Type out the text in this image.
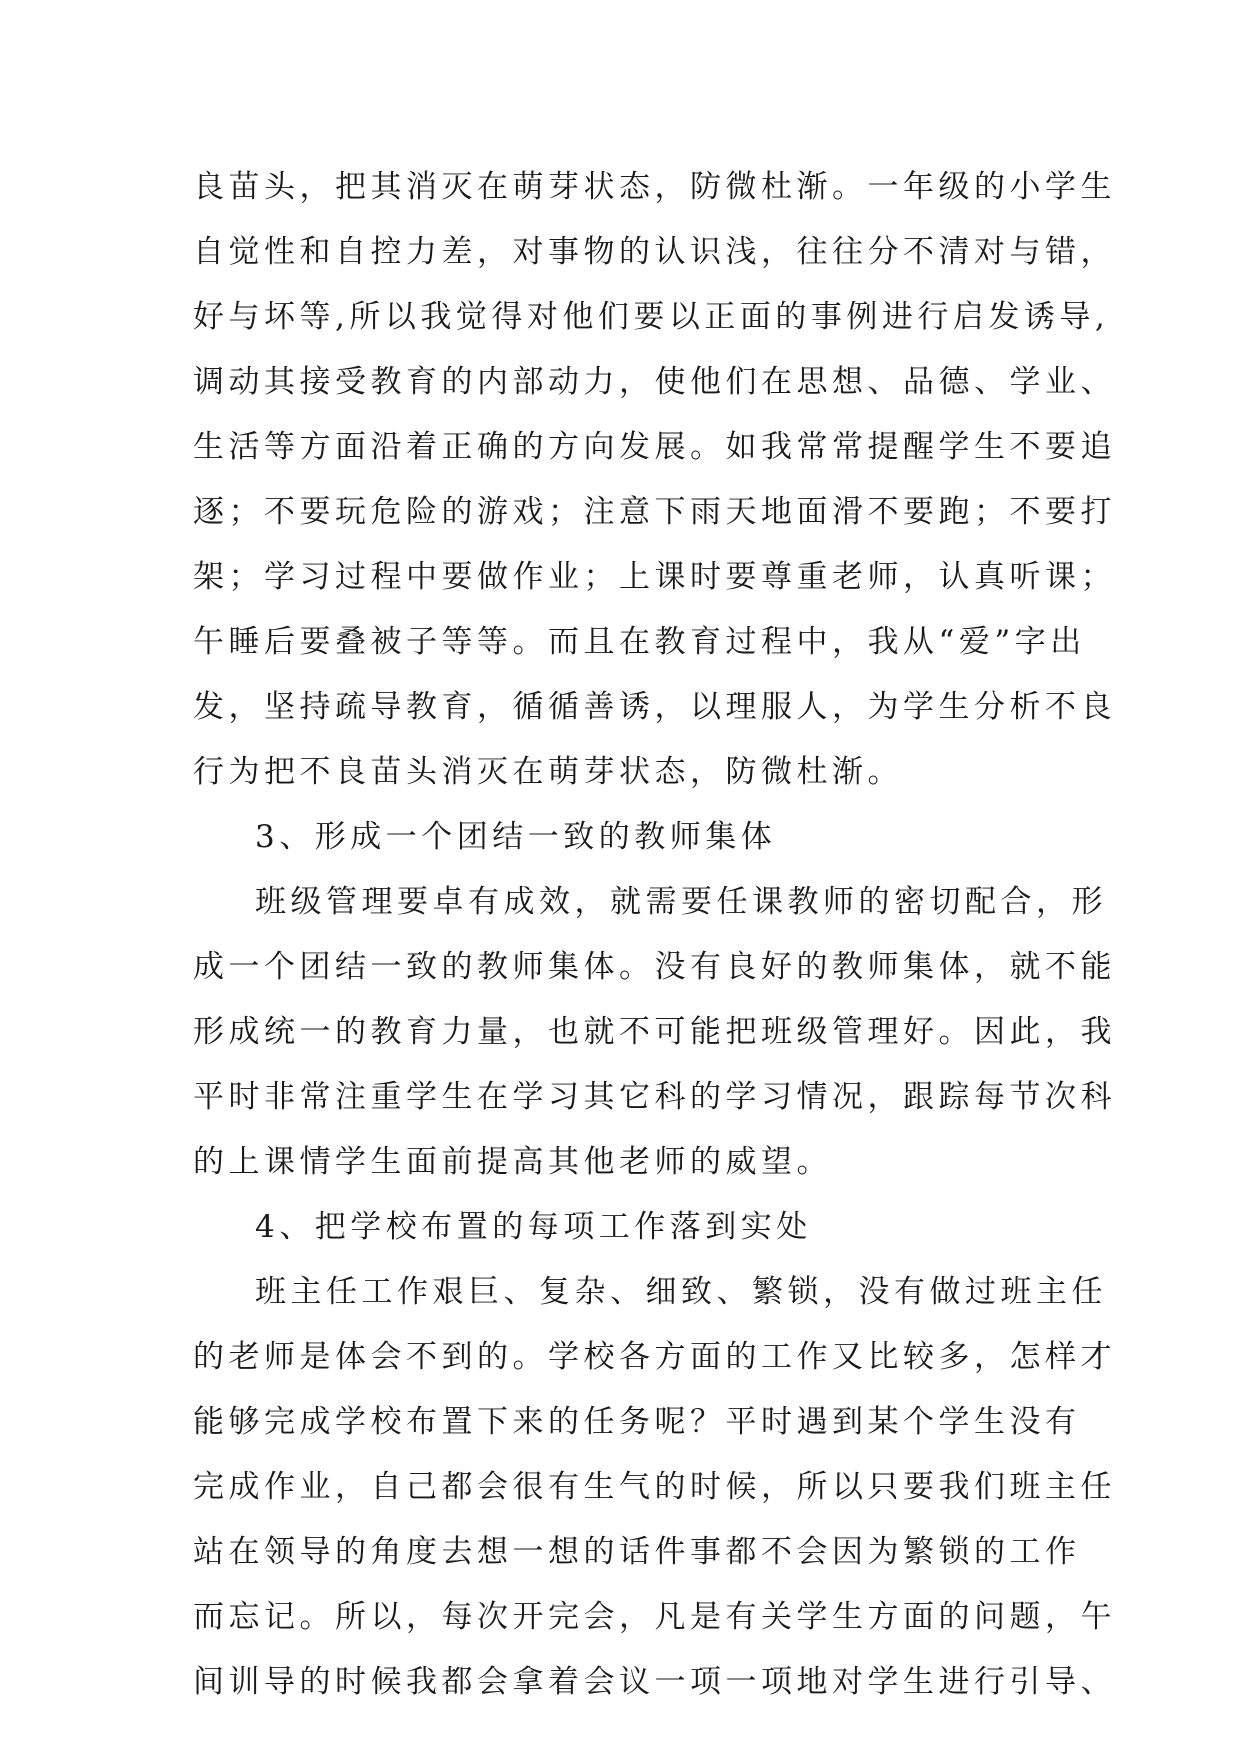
良苗头，把其消灭在萌芽状态，防微杜渐。一年级的小学生
自觉性和自控力差，对事物的认识浅，往往分不清对与错，
好与坏等,所以我觉得对他们要以正面的事例进行启发诱导,
调动其接受教育的内部动力，使他们在思想、品德、学业、
生活等方面沿着正确的方向发展。如我常常提醒学生不要追
逐；不要玩危险的游戏；注意下雨天地面滑不要跑；不要打
架；学习过程中要做作业；上课时要尊重老师，认真听课；
午睡后要叠被子等等。而且在教育过程中，我从“爱”字出
发，坚持疏导教育，循循善诱，以理服人，为学生分析不良
行为把不良苗头消灭在萌芽状态，防微杜渐。
3、形成一个团结一致的教师集体
班级管理要卓有成效，就需要任课教师的密切配合，形
成一个团结一致的教师集体。没有良好的教师集体，就不能
形成统一的教育力量，也就不可能把班级管理好。因此，我
平时非常注重学生在学习其它科的学习情况，跟踪每节次科
的上课情学生面前提高其他老师的威望。
4、把学校布置的每项工作落到实处
班主任工作艰巨、复杂、细致、繁锁，没有做过班主任
的老师是体会不到的。学校各方面的工作又比较多，怎样才
能够完成学校布置下来的任务呢？平时遇到某个学生没有
完成作业，自己都会很有生气的时候，所以只要我们班主任
站在领导的角度去想一想的话件事都不会因为繁锁的工作
而忘记。所以，每次开完会，凡是有关学生方面的问题，午
间训导的时候我都会拿着会议一项一项地对学生进行引导、
